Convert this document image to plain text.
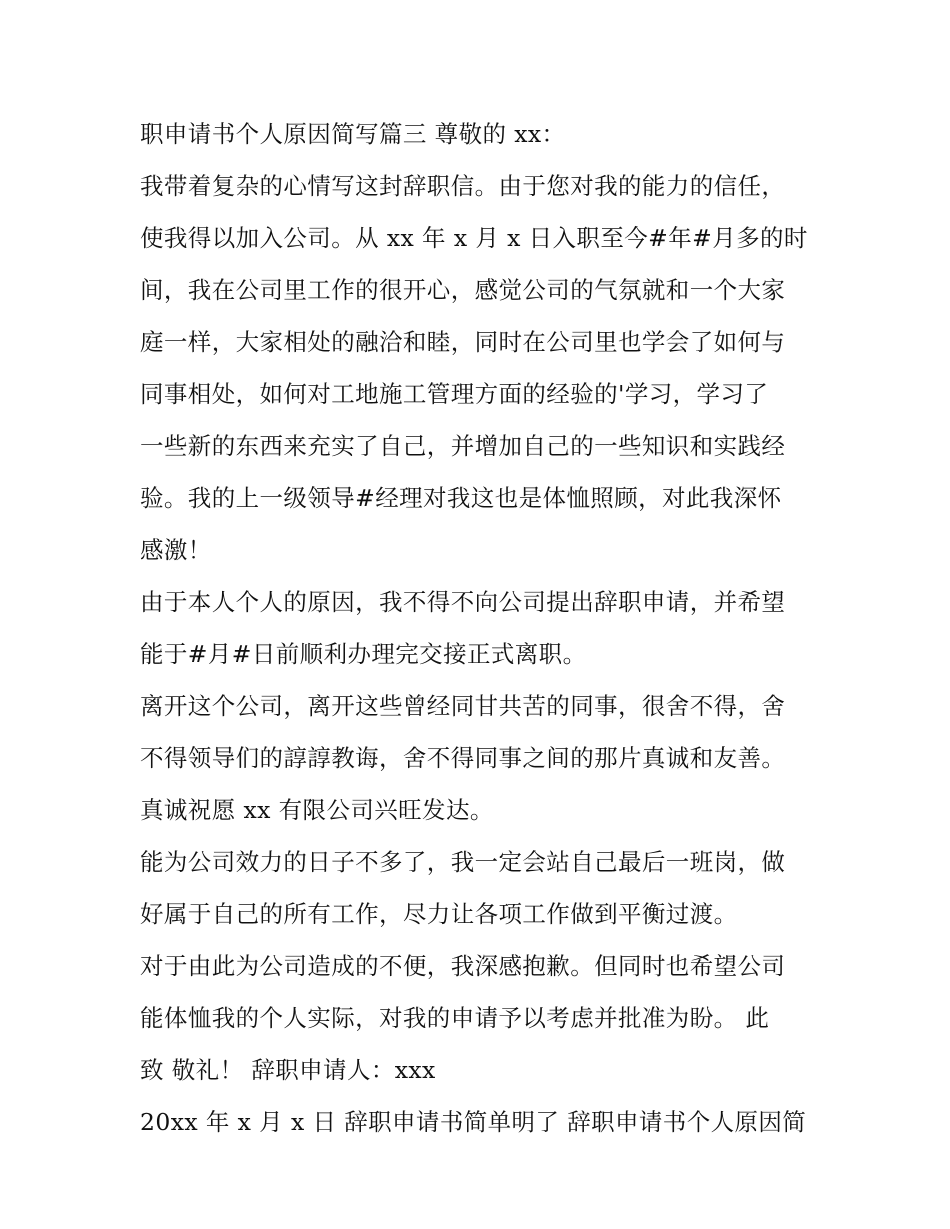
职申请书个人原因简写篇三 尊敬的 xx：
我带着复杂的心情写这封辞职信。由于您对我的能力的信任，
使我得以加入公司。从 xx 年 x 月 x 日入职至今#年#月多的时
间，我在公司里工作的很开心，感觉公司的气氛就和一个大家
庭一样，大家相处的融洽和睦，同时在公司里也学会了如何与
同事相处，如何对工地施工管理方面的经验的'学习，学习了
一些新的东西来充实了自己，并增加自己的一些知识和实践经
验。我的上一级领导#经理对我这也是体恤照顾，对此我深怀
感激！
由于本人个人的原因，我不得不向公司提出辞职申请，并希望
能于#月#日前顺利办理完交接正式离职。
离开这个公司，离开这些曾经同甘共苦的同事，很舍不得，舍
不得领导们的諄諄教诲，舍不得同事之间的那片真诚和友善。
真诚祝愿 xx 有限公司兴旺发达。
能为公司效力的日子不多了，我一定会站自己最后一班岗，做
好属于自己的所有工作，尽力让各项工作做到平衡过渡。
对于由此为公司造成的不便，我深感抱歉。但同时也希望公司
能体恤我的个人实际，对我的申请予以考虑并批准为盼。 此
致 敬礼！ 辞职申请人：xxx
20xx 年 x 月 x 日 辞职申请书简单明了 辞职申请书个人原因简
